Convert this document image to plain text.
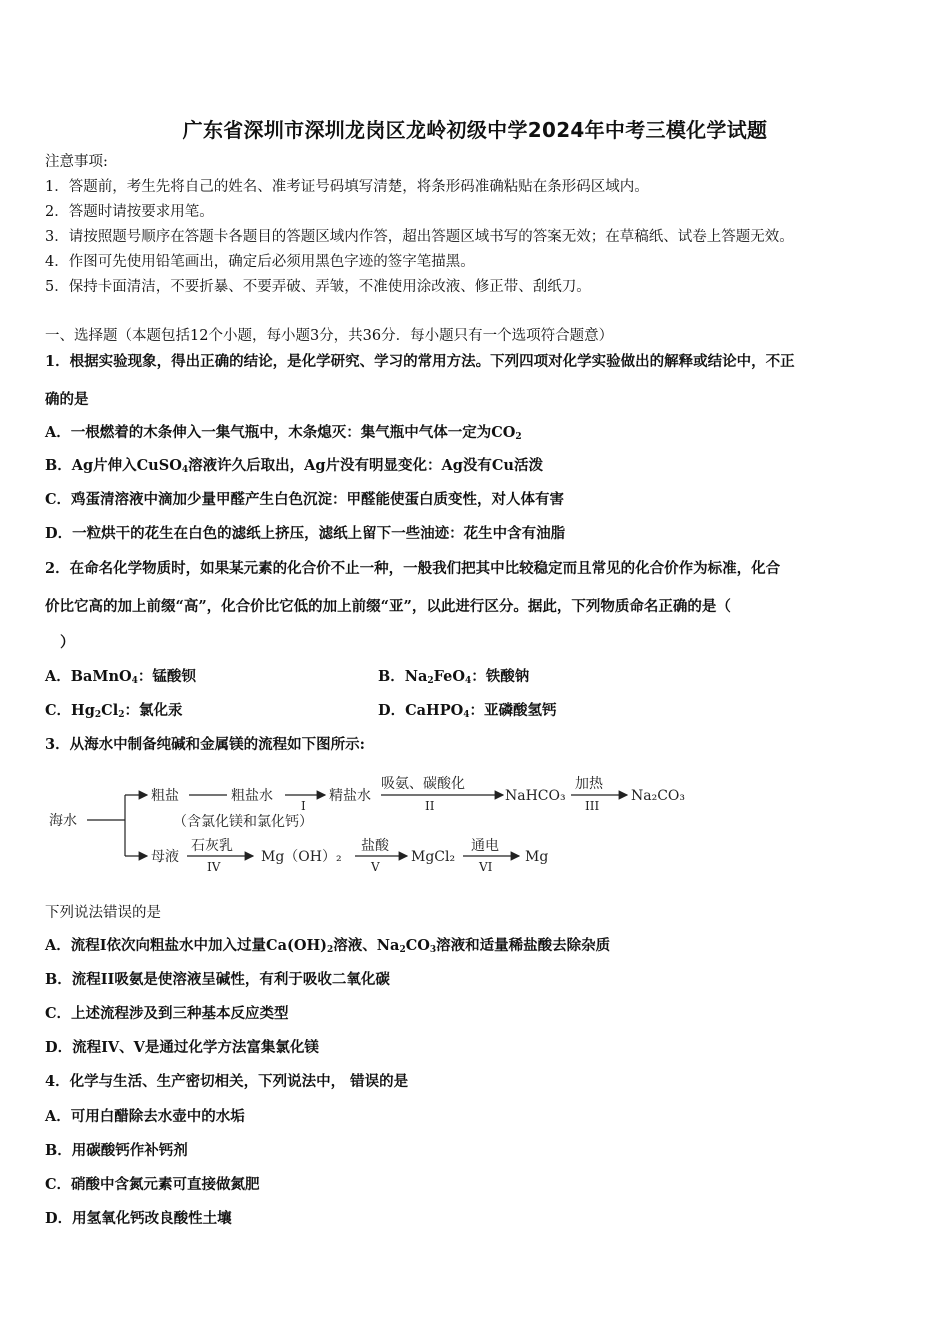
广东省深圳市深圳龙岗区龙岭初级中学2024年中考三模化学试题
注意事项:
1．答题前，考生先将自己的姓名、准考证号码填写清楚，将条形码准确粘贴在条形码区域内。
2．答题时请按要求用笔。
3．请按照题号顺序在答题卡各题目的答题区域内作答，超出答题区域书写的答案无效；在草稿纸、试卷上答题无效。
4．作图可先使用铅笔画出，确定后必须用黑色字迹的签字笔描黑。
5．保持卡面清洁，不要折暴、不要弄破、弄皱，不准使用涂改液、修正带、刮纸刀。
一、选择题（本题包括12个小题，每小题3分，共36分．每小题只有一个选项符合题意）
1．根据实验现象，得出正确的结论，是化学研究、学习的常用方法。下列四项对化学实验做出的解释或结论中，不正
确的是
A．一根燃着的木条伸入一集气瓶中，木条熄灭：集气瓶中气体一定为$CO_2$
B．Ag片伸入CuSO$_4$溶液许久后取出，Ag片没有明显变化：Ag没有Cu活泼
C．鸡蛋清溶液中滴加少量甲醛产生白色沉淀：甲醛能使蛋白质变性，对人体有害
D．一粒烘干的花生在白色的滤纸上挤压，滤纸上留下一些油迹：花生中含有油脂
2．在命名化学物质时，如果某元素的化合价不止一种，一般我们把其中比较稳定而且常见的化合价作为标准，化合
价比它高的加上前缀“高”，化合价比它低的加上前缀“亚”，以此进行区分。据此，下列物质命名正确的是（
）
A．BaMnO$_4$：锰酸钡	B．$Na_2FeO_4$：铁酸钠
C．$Hg_2Cl_2$：氯化汞	D．CaHPO$_4$：亚磷酸氢钙
3．从海水中制备纯碱和金属镁的流程如下图所示:
海水
粗盐	粗盐水
（含氯化镁和氯化钙）
I
精盐水
吸氨、碳酸化
II
NaHCO₃
加热
III
Na₂CO₃
母液
石灰乳
IV
Mg（OH）₂
盐酸
V
MgCl₂
通电
VI
Mg
下列说法错误的是
A．流程I依次向粗盐水中加入过量$Ca(OH)_2$溶液、$Na_2CO_3$溶液和适量稀盐酸去除杂质
B．流程II吸氨是使溶液呈碱性，有利于吸收二氧化碳
C．上述流程涉及到三种基本反应类型
D．流程IV、V是通过化学方法富集氯化镁
4．化学与生活、生产密切相关，下列说法中， 错误的是
A．可用白醋除去水壶中的水垢
B．用碳酸钙作补钙剂
C．硝酸中含氮元素可直接做氮肥
D．用氢氧化钙改良酸性土壤
